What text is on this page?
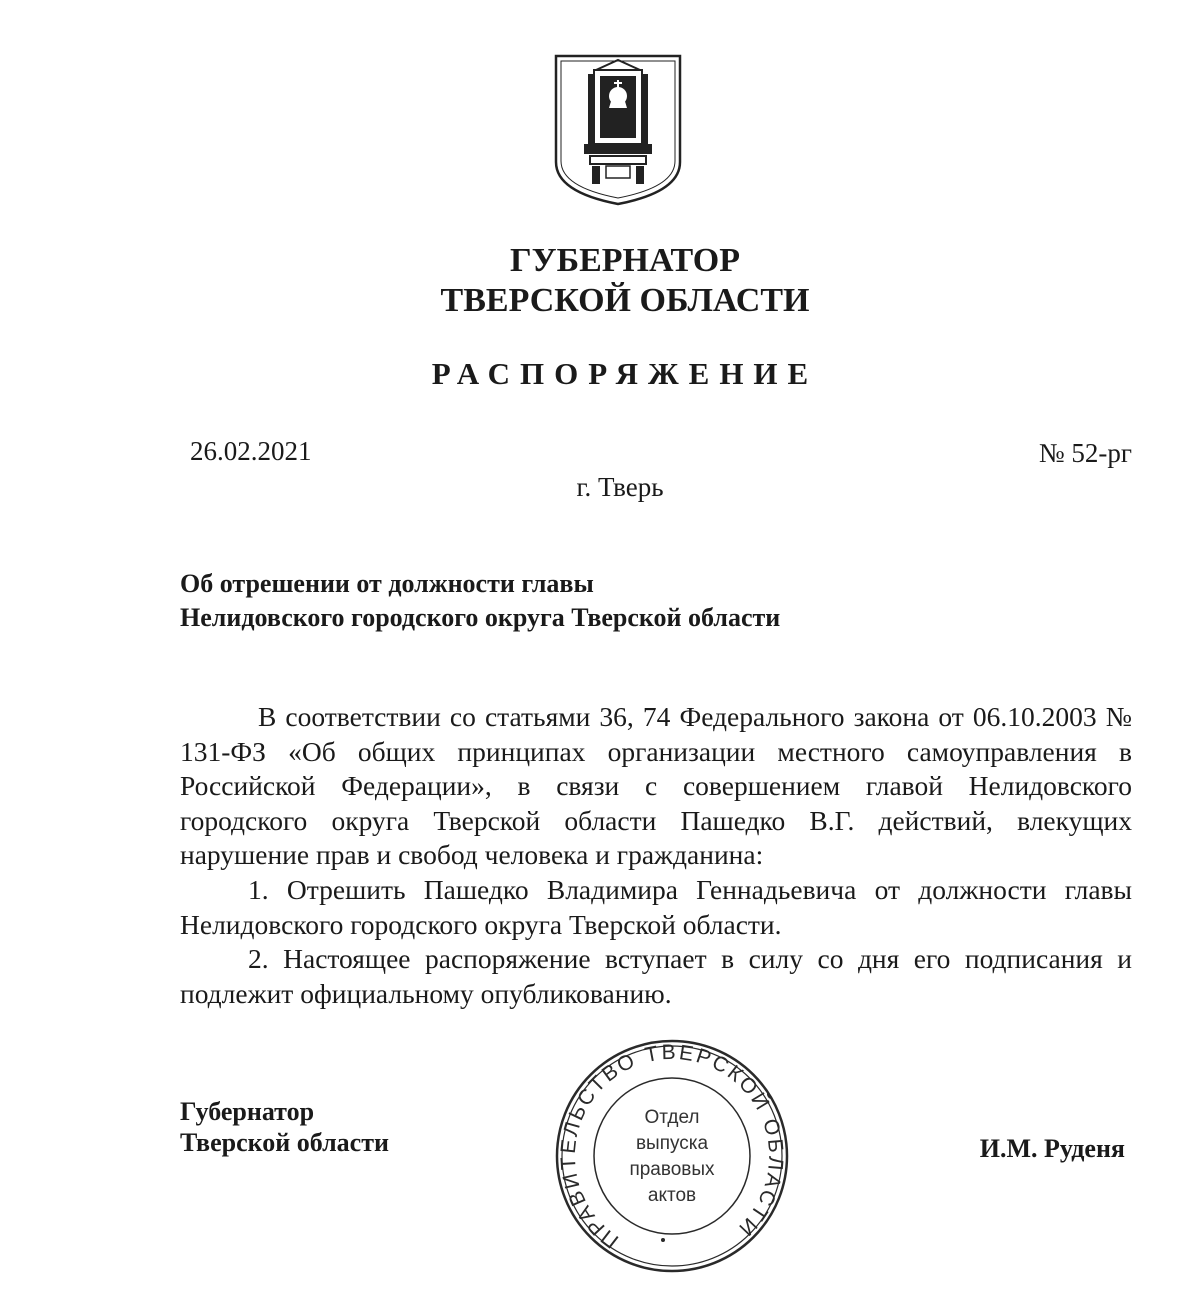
ГУБЕРНАТОР
ТВЕРСКОЙ ОБЛАСТИ
РАСПОРЯЖЕНИЕ
26.02.2021	№ 52-рг
г. Тверь
Об отрешении от должности главы
Нелидовского городского округа Тверской области

В соответствии со статьями 36, 74 Федерального закона от 06.10.2003 № 131-ФЗ «Об общих принципах организации местного самоуправления в Российской Федерации», в связи с совершением главой Нелидовского городского округа Тверской области Пашедко В.Г. действий, влекущих нарушение прав и свобод человека и гражданина:

1. Отрешить Пашедко Владимира Геннадьевича от должности главы Нелидовского городского округа Тверской области.

2. Настоящее распоряжение вступает в силу со дня его подписания и подлежит официальному опубликованию.

Губернатор
Тверской области	И.М. Руденя
ПРАВИТЕЛЬСТВО ТВЕРСКОЙ ОБЛАСТИ
Отдел
выпуска
правовых
актов
